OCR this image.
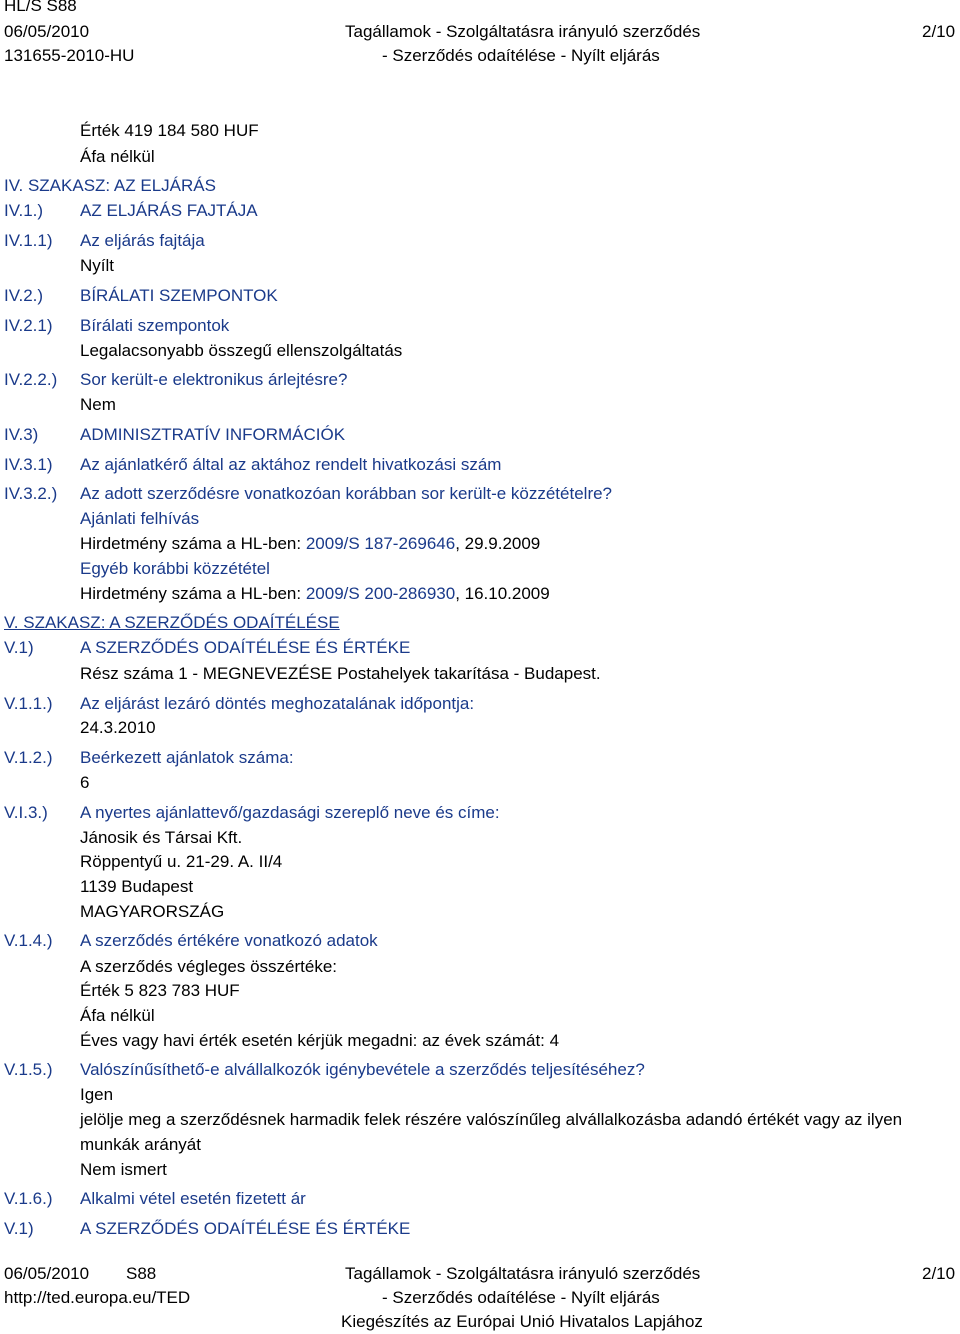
HL/S S88
06/05/2010
131655-2010-HU
Tagállamok - Szolgáltatásra irányuló szerződés
- Szerződés odaítélése - Nyílt eljárás
2/10
Érték 419 184 580 HUF
Áfa nélkül
IV. SZAKASZ: AZ ELJÁRÁS
IV.1.) AZ ELJÁRÁS FAJTÁJA
IV.1.1) Az eljárás fajtája
Nyílt
IV.2.) BÍRÁLATI SZEMPONTOK
IV.2.1) Bírálati szempontok
Legalacsonyabb összegű ellenszolgáltatás
IV.2.2.) Sor került-e elektronikus árlejtésre?
Nem
IV.3) ADMINISZTRATÍV INFORMÁCIÓK
IV.3.1) Az ajánlatkérő által az aktához rendelt hivatkozási szám
IV.3.2.) Az adott szerződésre vonatkozóan korábban sor került-e közzétételre?
Ajánlati felhívás
Hirdetmény száma a HL-ben: 2009/S 187-269646, 29.9.2009
Egyéb korábbi közzététel
Hirdetmény száma a HL-ben: 2009/S 200-286930, 16.10.2009
V. SZAKASZ: A SZERZŐDÉS ODAÍTÉLÉSE
V.1)	A SZERZŐDÉS ODAÍTÉLÉSE ÉS ÉRTÉKE
Rész száma 1 - MEGNEVEZÉSE Postahelyek takarítása - Budapest.
V.1.1.) Az eljárást lezáró döntés meghozatalának időpontja:
24.3.2010
V.1.2.) Beérkezett ajánlatok száma:
6
V.I.3.) A nyertes ajánlattevő/gazdasági szereplő neve és címe:
Jánosik és Társai Kft.
Röppentyű u. 21-29. A. II/4
1139 Budapest
MAGYARORSZÁG
V.1.4.) A szerződés értékére vonatkozó adatok
A szerződés végleges összértéke:
Érték 5 823 783 HUF
Áfa nélkül
Éves vagy havi érték esetén kérjük megadni: az évek számát: 4
V.1.5.) Valószínűsíthető-e alvállalkozók igénybevétele a szerződés teljesítéséhez?
Igen
jelölje meg a szerződésnek harmadik felek részére valószínűleg alvállalkozásba adandó értékét vagy az ilyen
munkák arányát
Nem ismert
V.1.6.) Alkalmi vétel esetén fizetett ár
V.1)	A SZERZŐDÉS ODAÍTÉLÉSE ÉS ÉRTÉKE
06/05/2010 S88
http://ted.europa.eu/TED
Tagállamok - Szolgáltatásra irányuló szerződés
- Szerződés odaítélése - Nyílt eljárás
Kiegészítés az Európai Unió Hivatalos Lapjához
2/10
